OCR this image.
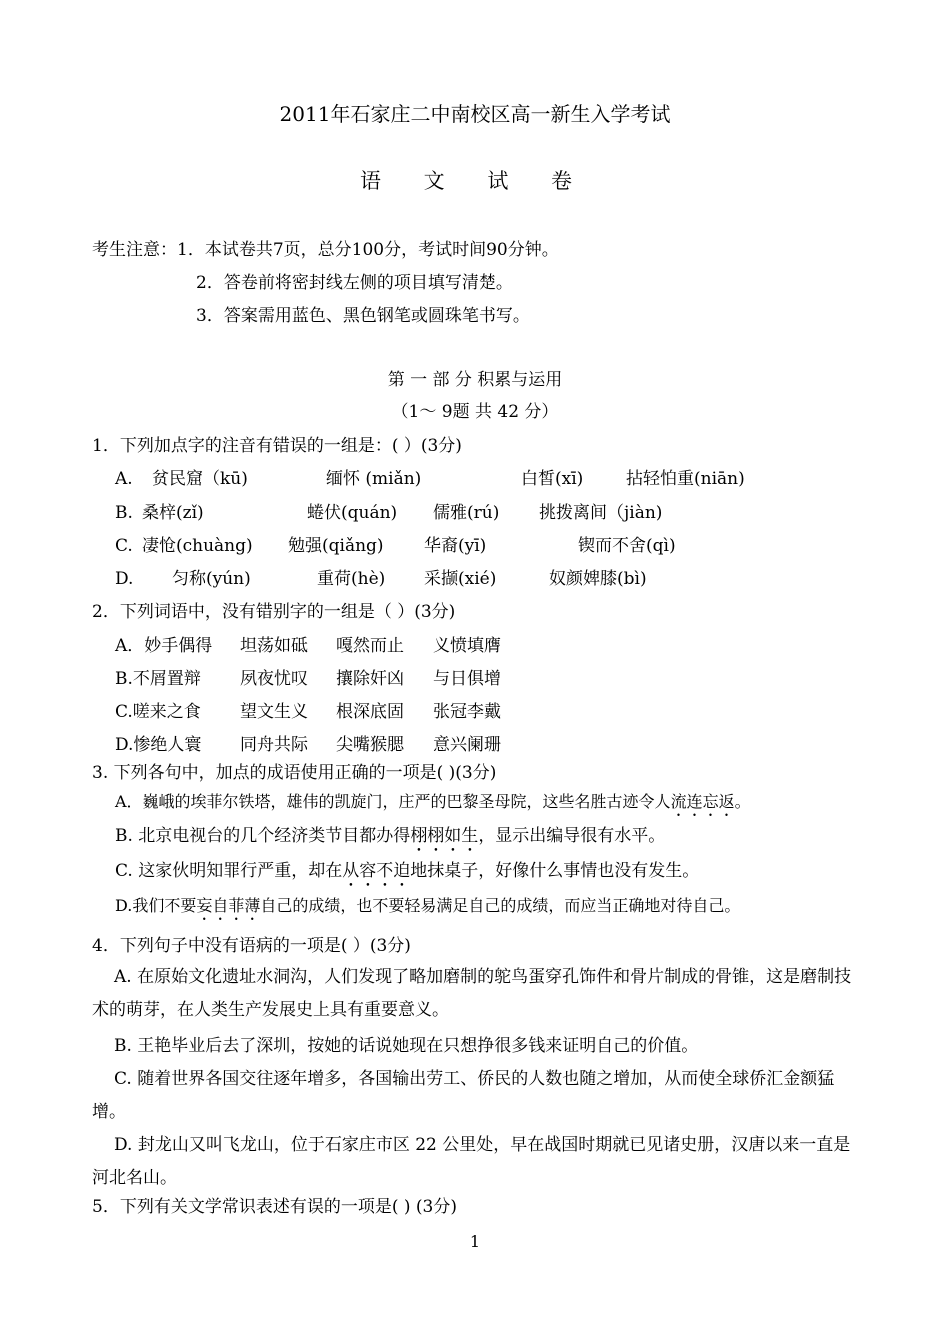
2011年石家庄二中南校区高一新生入学考试
语 文 试 卷
考生注意：1．本试卷共7页，总分100分，考试时间90分钟。
2．答卷前将密封线左侧的项目填写清楚。
3．答案需用蓝色、黑色钢笔或圆珠笔书写。
第 一 部 分 积累与运用
（1～ 9题 共 42 分）
1．下列加点字的注音有错误的一组是：( ）(3分)
A. 贫民窟（kū)	缅怀 (miǎn)	白皙(xī)	拈轻怕重(niān)
B. 桑梓(zǐ)	蜷伏(quán) 儒雅(rú) 挑拨离间（jiàn)
C. 凄怆(chuàng) 勉强(qiǎng) 华裔(yī)	锲而不舍(qì)
D. 匀称(yún)	重荷(hè) 采撷(xié)	奴颜婢膝(bì)
2．下列词语中，没有错别字的一组是（ ）(3分)
A．妙手偶得 坦荡如砥 嘎然而止 义愤填膺
B.不屑置辩 夙夜忧叹 攘除奸凶 与日俱增
C.嗟来之食 望文生义 根深底固 张冠李戴
D.惨绝人寰 同舟共际 尖嘴猴腮 意兴阑珊
3. 下列各句中，加点的成语使用正确的一项是( )(3分)
A．巍峨的埃菲尔铁塔，雄伟的凯旋门，庄严的巴黎圣母院，这些名胜古迹令人流连忘返。
B. 北京电视台的几个经济类节目都办得栩栩如生，显示出编导很有水平。
C. 这家伙明知罪行严重，却在从容不迫地抹桌子，好像什么事情也没有发生。
D.我们不要妄自菲薄自己的成绩，也不要轻易满足自己的成绩，而应当正确地对待自己。
4．下列句子中没有语病的一项是( ）(3分)
A. 在原始文化遗址水洞沟，人们发现了略加磨制的鸵鸟蛋穿孔饰件和骨片制成的骨锥，这是磨制技术的萌芽，在人类生产发展史上具有重要意义。
B. 王艳毕业后去了深圳，按她的话说她现在只想挣很多钱来证明自己的价值。
C. 随着世界各国交往逐年增多，各国输出劳工、侨民的人数也随之增加，从而使全球侨汇金额猛增。
D. 封龙山又叫飞龙山，位于石家庄市区 22 公里处，早在战国时期就已见诸史册，汉唐以来一直是河北名山。
5．下列有关文学常识表述有误的一项是( ) (3分)
1
